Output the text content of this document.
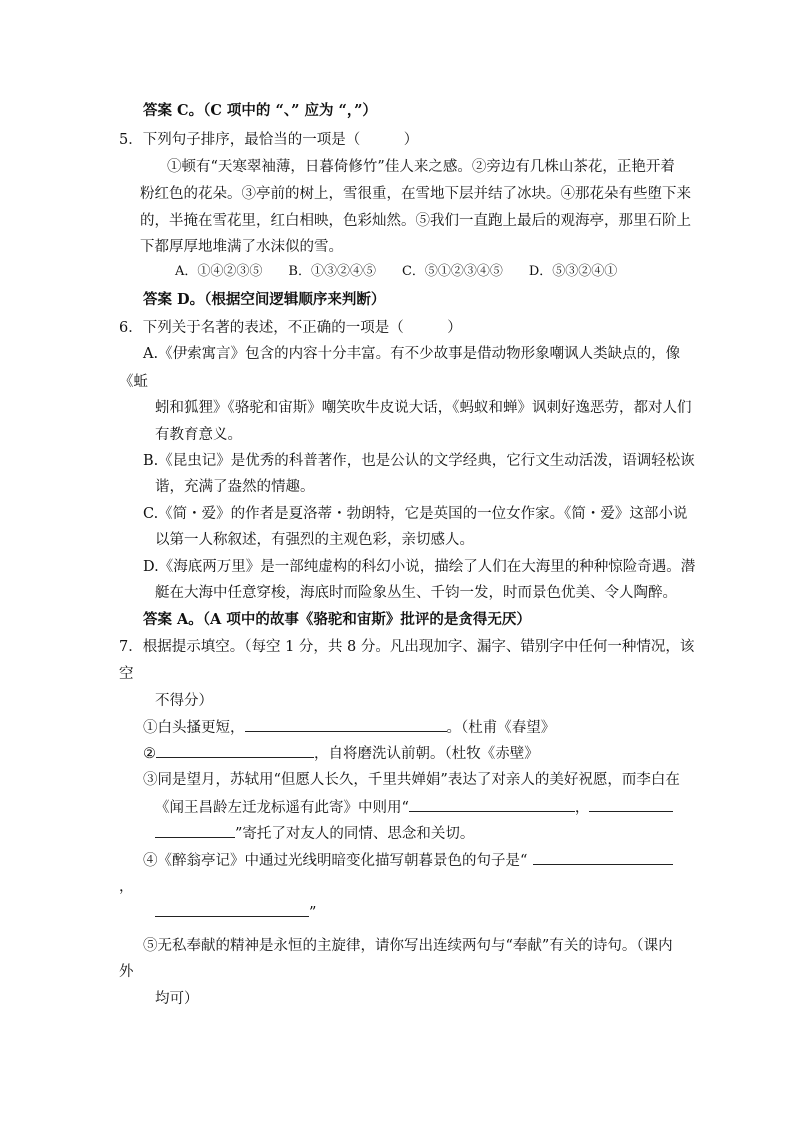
答案 C。（C 项中的 “、” 应为 “，”）
5．下列句子排序，最恰当的一项是（　　　）
①顿有“天寒翠袖薄，日暮倚修竹”佳人来之感。②旁边有几株山茶花，正艳开着
粉红色的花朵。③亭前的树上，雪很重，在雪地下层并结了冰块。④那花朵有些堕下来
的，半掩在雪花里，红白相映，色彩灿然。⑤我们一直跑上最后的观海亭，那里石阶上
下都厚厚地堆满了水沫似的雪。
A．①④②③⑤　　B．①③②④⑤　　C．⑤①②③④⑤　　D．⑤③②④①
答案 D。（根据空间逻辑顺序来判断）
6．下列关于名著的表述，不正确的一项是（　　　）
A.《伊索寓言》包含的内容十分丰富。有不少故事是借动物形象嘲讽人类缺点的，像
《蚯
蚓和狐狸》《骆驼和宙斯》嘲笑吹牛皮说大话，《蚂蚁和蝉》讽刺好逸恶劳，都对人们
有教育意义。
B.《昆虫记》是优秀的科普著作，也是公认的文学经典，它行文生动活泼，语调轻松诙
谐，充满了盎然的情趣。
C.《简・爱》的作者是夏洛蒂・勃朗特，它是英国的一位女作家。《简・爱》这部小说
以第一人称叙述，有强烈的主观色彩，亲切感人。
D.《海底两万里》是一部纯虚构的科幻小说，描绘了人们在大海里的种种惊险奇遇。潜
艇在大海中任意穿梭，海底时而险象丛生、千钧一发，时而景色优美、令人陶醉。
答案 A。（A 项中的故事《骆驼和宙斯》批评的是贪得无厌）
7．根据提示填空。（每空 1 分，共 8 分。凡出现加字、漏字、错别字中任何一种情况，该
空
不得分）
①白头搔更短，	。（杜甫《春望》
②	，自将磨洗认前朝。（杜牧《赤壁》
③同是望月，苏轼用“但愿人长久，千里共婵娟”表达了对亲人的美好祝愿，而李白在
《闻王昌龄左迁龙标遥有此寄》中则用“	，
”寄托了对友人的同情、思念和关切。
④《醉翁亭记》中通过光线明暗变化描写朝暮景色的句子是“
，
”
⑤无私奉献的精神是永恒的主旋律，请你写出连续两句与“奉献”有关的诗句。（课内
外
均可）
